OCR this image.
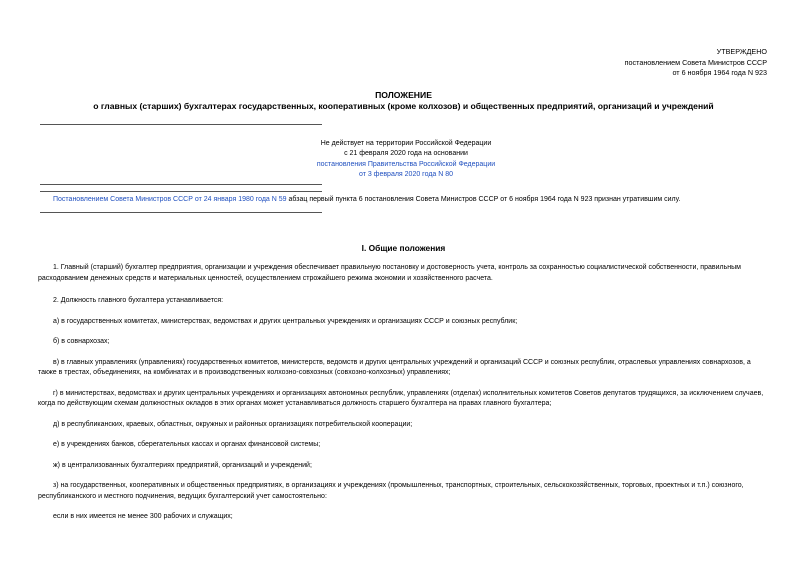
УТВЕРЖДЕНО
постановлением Совета Министров СССР
от 6 ноября 1964 года N 923
ПОЛОЖЕНИЕ
о главных (старших) бухгалтерах государственных, кооперативных (кроме колхозов) и общественных предприятий, организаций и учреждений
Не действует на территории Российской Федерации
с 21 февраля 2020 года на основании
постановления Правительства Российской Федерации
от 3 февраля 2020 года N 80
Постановлением Совета Министров СССР от 24 января 1980 года N 59 абзац первый пункта 6 постановления Совета Министров СССР от 6 ноября 1964 года N 923 признан утратившим силу.
I. Общие положения

1. Главный (старший) бухгалтер предприятия, организации и учреждения обеспечивает правильную постановку и достоверность учета, контроль за сохранностью социалистической собственности, правильным расходованием денежных средств и материальных ценностей, осуществлением строжайшего режима экономии и хозяйственного расчета.

2. Должность главного бухгалтера устанавливается:

а) в государственных комитетах, министерствах, ведомствах и других центральных учреждениях и организациях СССР и союзных республик;

б) в совнархозах;

в) в главных управлениях (управлениях) государственных комитетов, министерств, ведомств и других центральных учреждений и организаций СССР и союзных республик, отраслевых управлениях совнархозов, а также в трестах, объединениях, на комбинатах и в производственных колхозно-совхозных (совхозно-колхозных) управлениях;

г) в министерствах, ведомствах и других центральных учреждениях и организациях автономных республик, управлениях (отделах) исполнительных комитетов Советов депутатов трудящихся, за исключением случаев, когда по действующим схемам должностных окладов в этих органах может устанавливаться должность старшего бухгалтера на правах главного бухгалтера;

д) в республиканских, краевых, областных, окружных и районных организациях потребительской кооперации;

е) в учреждениях банков, сберегательных кассах и органах финансовой системы;

ж) в централизованных бухгалтериях предприятий, организаций и учреждений;

з) на государственных, кооперативных и общественных предприятиях, в организациях и учреждениях (промышленных, транспортных, строительных, сельскохозяйственных, торговых, проектных и т.п.) союзного, республиканского и местного подчинения, ведущих бухгалтерский учет самостоятельно:

если в них имеется не менее 300 рабочих и служащих;
